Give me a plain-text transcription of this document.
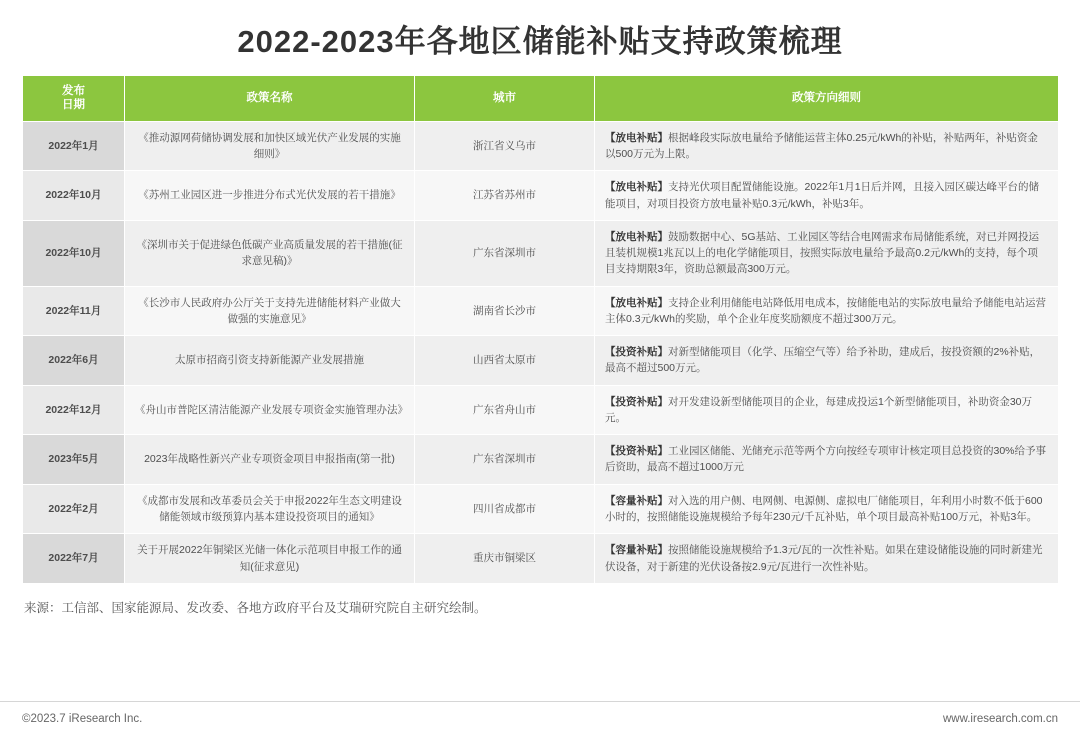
2022-2023年各地区储能补贴支持政策梳理
发布
日期	政策名称	城市	政策方向细则
2022年1月	《推动源网荷储协调发展和加快区域光伏产业发展的实施细则》	浙江省义乌市	【放电补贴】根据峰段实际放电量给予储能运营主体0.25元/kWh的补贴，补贴两年，补贴资金以500万元为上限。
2022年10月	《苏州工业园区进一步推进分布式光伏发展的若干措施》	江苏省苏州市	【放电补贴】支持光伏项目配置储能设施。2022年1月1日后并网，且接入园区碳达峰平台的储能项目，对项目投资方放电量补贴0.3元/kWh，补贴3年。
2022年10月	《深圳市关于促进绿色低碳产业高质量发展的若干措施(征求意见稿)》	广东省深圳市	【放电补贴】鼓励数据中心、5G基站、工业园区等结合电网需求布局储能系统，对已并网投运且装机规模1兆瓦以上的电化学储能项目，按照实际放电量给予最高0.2元/kWh的支持，每个项目支持期限3年，资助总额最高300万元。
2022年11月	《长沙市人民政府办公厅关于支持先进储能材料产业做大做强的实施意见》	湖南省长沙市	【放电补贴】支持企业利用储能电站降低用电成本，按储能电站的实际放电量给予储能电站运营主体0.3元/kWh的奖励，单个企业年度奖励额度不超过300万元。
2022年6月	太原市招商引资支持新能源产业发展措施	山西省太原市	【投资补贴】对新型储能项目（化学、压缩空气等）给予补助，建成后，按投资额的2%补贴，最高不超过500万元。
2022年12月	《舟山市普陀区清洁能源产业发展专项资金实施管理办法》	广东省舟山市	【投资补贴】对开发建设新型储能项目的企业，每建成投运1个新型储能项目，补助资金30万元。
2023年5月	2023年战略性新兴产业专项资金项目申报指南(第一批)	广东省深圳市	【投资补贴】工业园区储能、光储充示范等两个方向按经专项审计核定项目总投资的30%给予事后资助，最高不超过1000万元
2022年2月	《成都市发展和改革委员会关于申报2022年生态文明建设储能领域市级预算内基本建设投资项目的通知》	四川省成都市	【容量补贴】对入选的用户侧、电网侧、电源侧、虚拟电厂储能项目，年利用小时数不低于600小时的，按照储能设施规模给予每年230元/千瓦补贴，单个项目最高补贴100万元，补贴3年。
2022年7月	关于开展2022年铜梁区光储一体化示范项目申报工作的通知(征求意见)	重庆市铜梁区	【容量补贴】按照储能设施规模给予1.3元/瓦的一次性补贴。如果在建设储能设施的同时新建光伏设备，对于新建的光伏设备按2.9元/瓦进行一次性补贴。
来源：工信部、国家能源局、发改委、各地方政府平台及艾瑞研究院自主研究绘制。
©2023.7 iResearch Inc.	www.iresearch.com.cn
